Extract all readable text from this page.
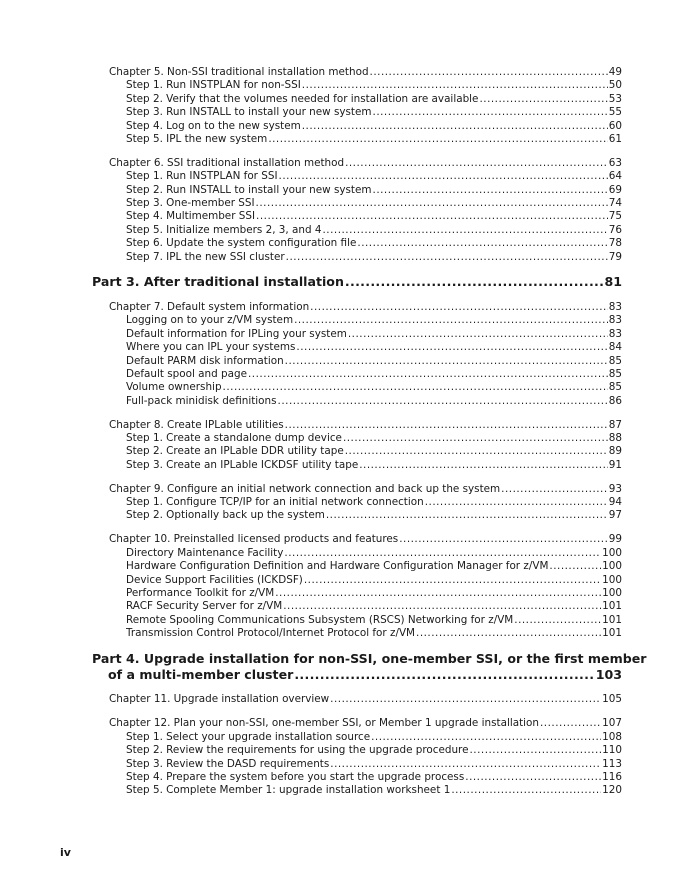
Chapter 5. Non-SSI traditional installation method .....	49
Step 1. Run INSTPLAN for non-SSI .....	50
Step 2. Verify that the volumes needed for installation are available .....	53
Step 3. Run INSTALL to install your new system .....	55
Step 4. Log on to the new system .....	60
Step 5. IPL the new system .....	61
Chapter 6. SSI traditional installation method .....	63
Step 1. Run INSTPLAN for SSI .....	64
Step 2. Run INSTALL to install your new system .....	69
Step 3. One-member SSI .....	74
Step 4. Multimember SSI .....	75
Step 5. Initialize members 2, 3, and 4 .....	76
Step 6. Update the system configuration file .....	78
Step 7. IPL the new SSI cluster .....	79
Part 3. After traditional installation .....	81
Chapter 7. Default system information .....	83
Logging on to your z/VM system .....	83
Default information for IPLing your system .....	83
Where you can IPL your systems .....	84
Default PARM disk information .....	85
Default spool and page .....	85
Volume ownership .....	85
Full-pack minidisk definitions .....	86
Chapter 8. Create IPLable utilities .....	87
Step 1. Create a standalone dump device .....	88
Step 2. Create an IPLable DDR utility tape .....	89
Step 3. Create an IPLable ICKDSF utility tape .....	91
Chapter 9. Configure an initial network connection and back up the system .....	93
Step 1. Configure TCP/IP for an initial network connection .....	94
Step 2. Optionally back up the system .....	97
Chapter 10. Preinstalled licensed products and features .....	99
Directory Maintenance Facility .....	100
Hardware Configuration Definition and Hardware Configuration Manager for z/VM .....	100
Device Support Facilities (ICKDSF) .....	100
Performance Toolkit for z/VM .....	100
RACF Security Server for z/VM .....	101
Remote Spooling Communications Subsystem (RSCS) Networking for z/VM .....	101
Transmission Control Protocol/Internet Protocol for z/VM .....	101
Part 4. Upgrade installation for non-SSI, one-member SSI, or the first member
of a multi-member cluster .....	103
Chapter 11. Upgrade installation overview .....	105
Chapter 12. Plan your non-SSI, one-member SSI, or Member 1 upgrade installation .....	107
Step 1. Select your upgrade installation source .....	108
Step 2. Review the requirements for using the upgrade procedure .....	110
Step 3. Review the DASD requirements .....	113
Step 4. Prepare the system before you start the upgrade process .....	116
Step 5. Complete Member 1: upgrade installation worksheet 1 .....	120
iv
